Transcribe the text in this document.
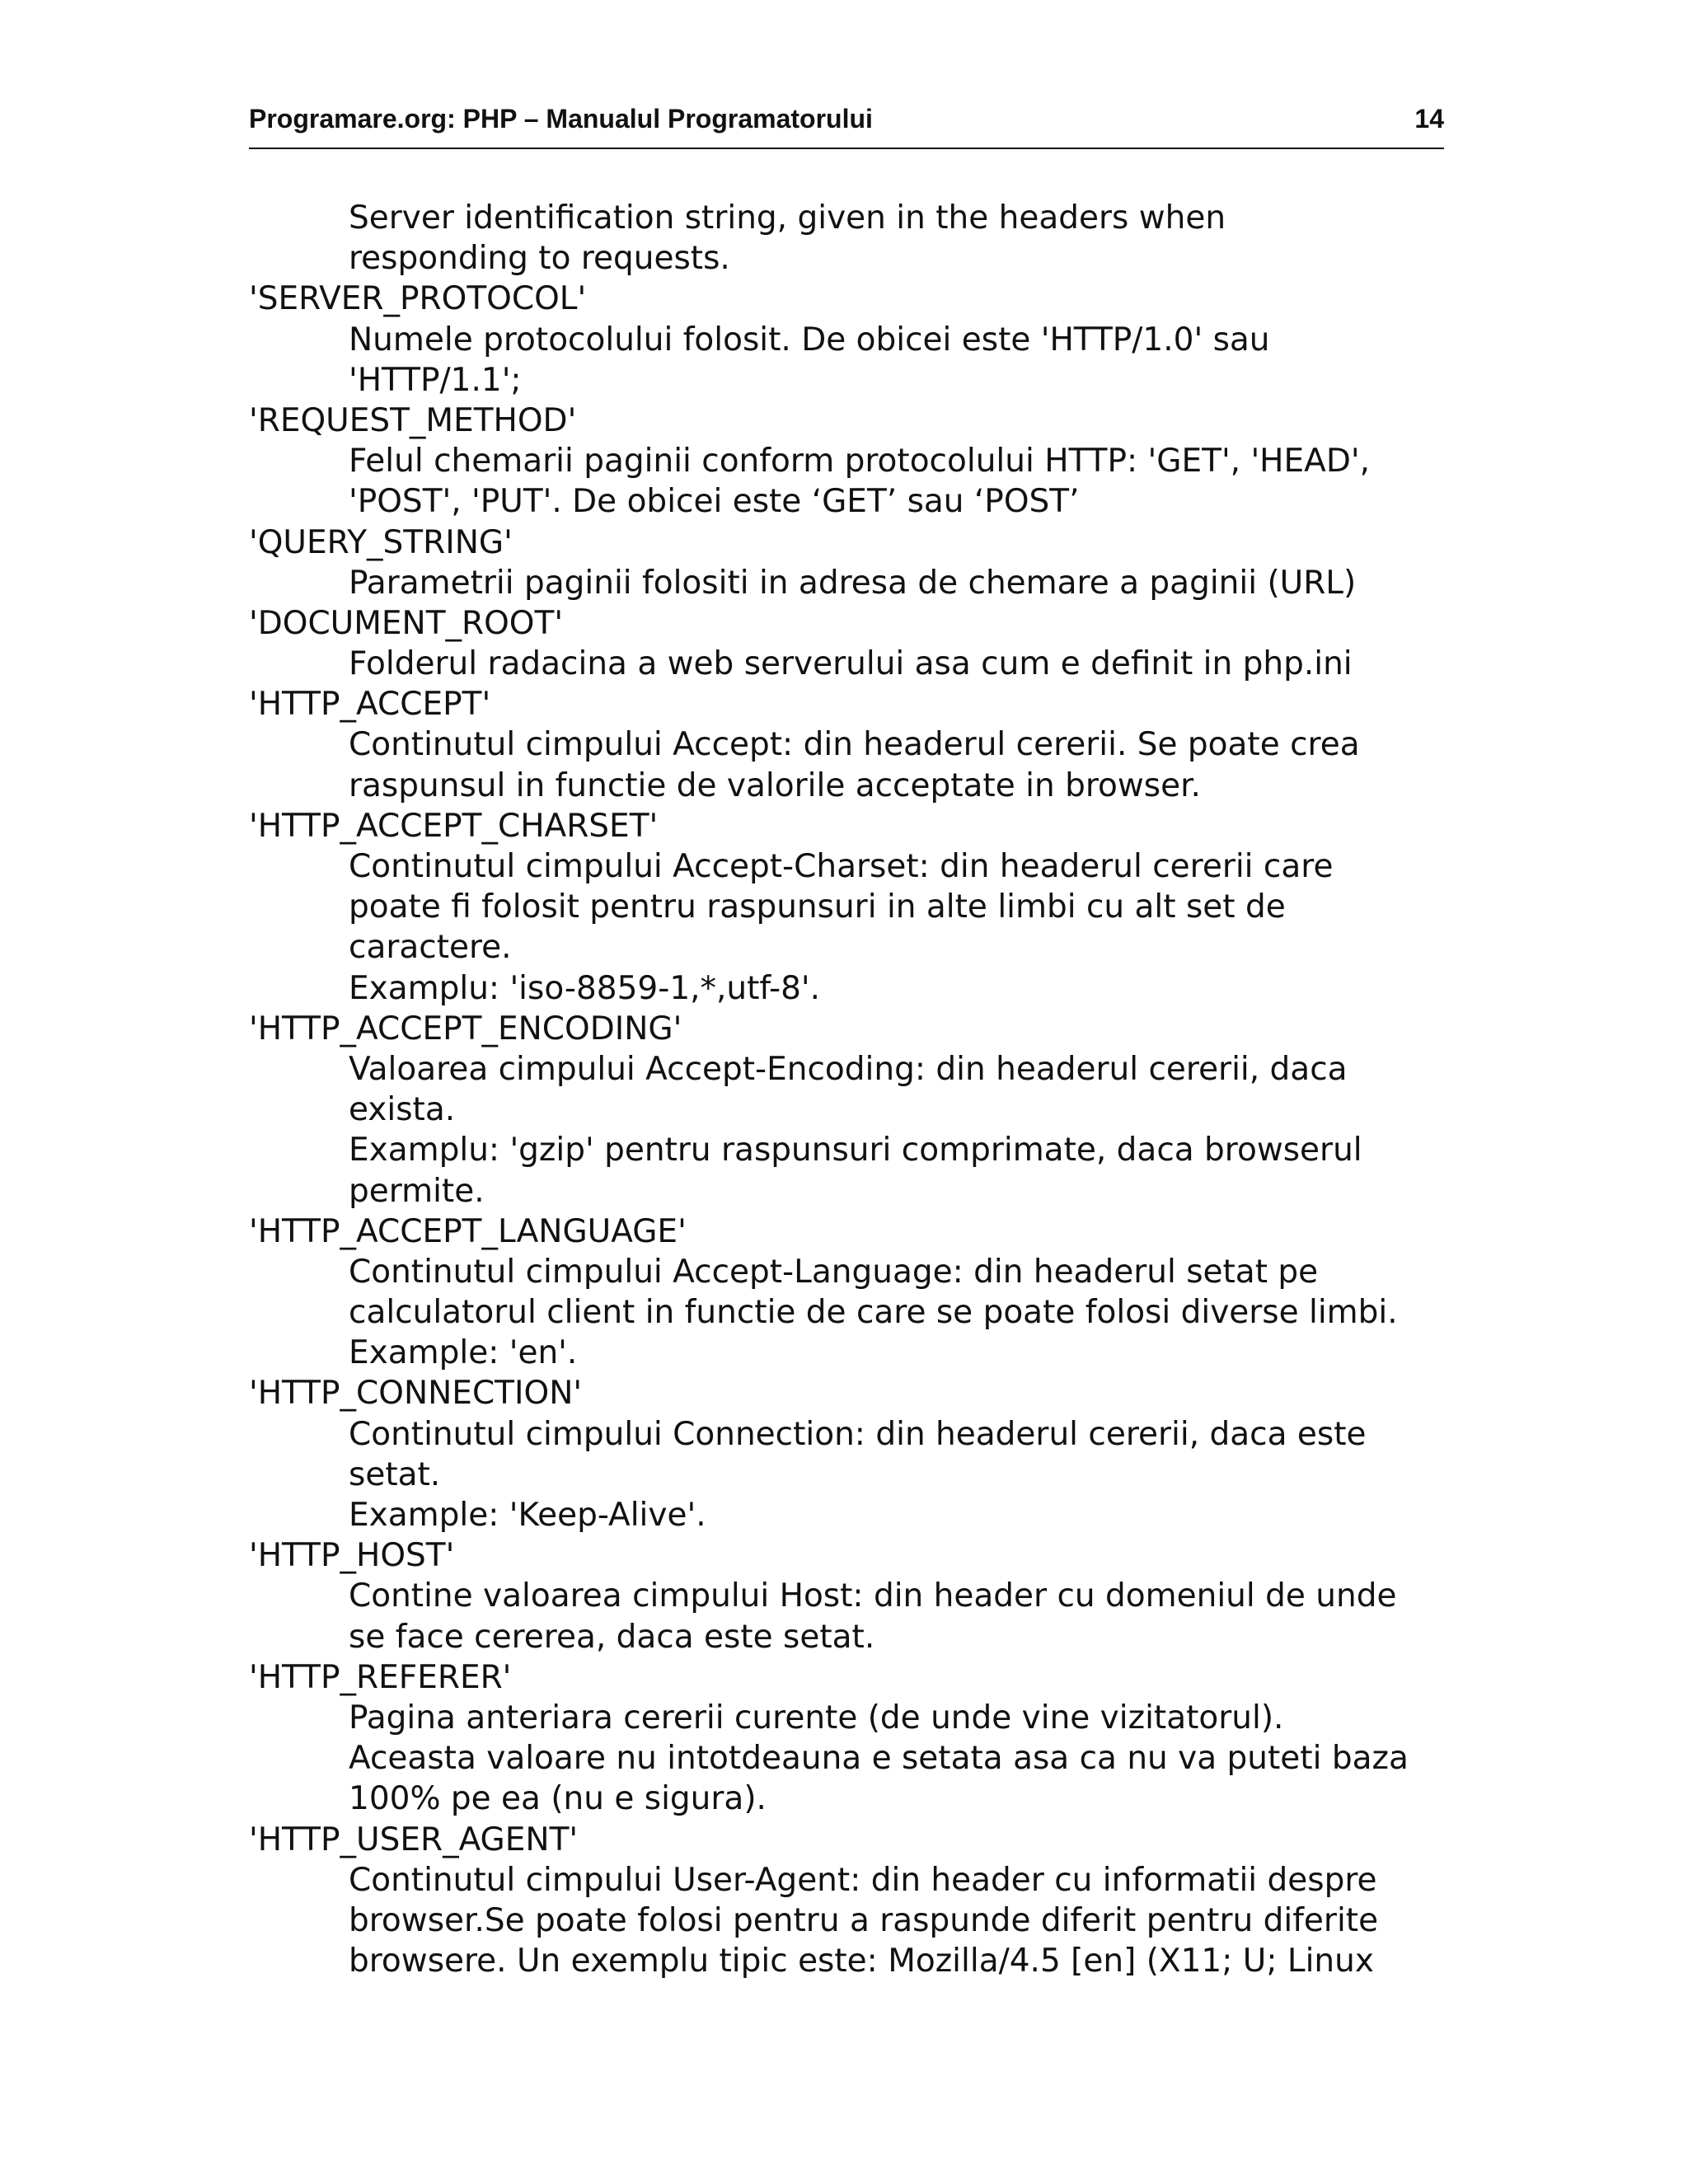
Programare.org: PHP – Manualul Programatorului	14
Server identification string, given in the headers when
responding to requests.
'SERVER_PROTOCOL'
Numele protocolului folosit. De obicei este 'HTTP/1.0' sau
'HTTP/1.1';
'REQUEST_METHOD'
Felul chemarii paginii conform protocolului HTTP: 'GET', 'HEAD',
'POST', 'PUT'. De obicei este ‘GET’ sau ‘POST’
'QUERY_STRING'
Parametrii paginii folositi in adresa de chemare a paginii (URL)
'DOCUMENT_ROOT'
Folderul radacina a web serverului asa cum e definit in php.ini
'HTTP_ACCEPT'
Continutul cimpului Accept: din headerul cererii. Se poate crea
raspunsul in functie de valorile acceptate in browser.
'HTTP_ACCEPT_CHARSET'
Continutul cimpului Accept-Charset: din headerul cererii care
poate fi folosit pentru raspunsuri in alte limbi cu alt set de
caractere.
Examplu: 'iso-8859-1,*,utf-8'.
'HTTP_ACCEPT_ENCODING'
Valoarea cimpului Accept-Encoding: din headerul cererii, daca
exista.
Examplu: 'gzip' pentru raspunsuri comprimate, daca browserul
permite.
'HTTP_ACCEPT_LANGUAGE'
Continutul cimpului Accept-Language: din headerul setat pe
calculatorul client in functie de care se poate folosi diverse limbi.
Example: 'en'.
'HTTP_CONNECTION'
Continutul cimpului Connection: din headerul cererii, daca este
setat.
Example: 'Keep-Alive'.
'HTTP_HOST'
Contine valoarea cimpului Host: din header cu domeniul de unde
se face cererea, daca este setat.
'HTTP_REFERER'
Pagina anteriara cererii curente (de unde vine vizitatorul).
Aceasta valoare nu intotdeauna e setata asa ca nu va puteti baza
100% pe ea (nu e sigura).
'HTTP_USER_AGENT'
Continutul cimpului User-Agent: din header cu informatii despre
browser.Se poate folosi pentru a raspunde diferit pentru diferite
browsere. Un exemplu tipic este: Mozilla/4.5 [en] (X11; U; Linux
